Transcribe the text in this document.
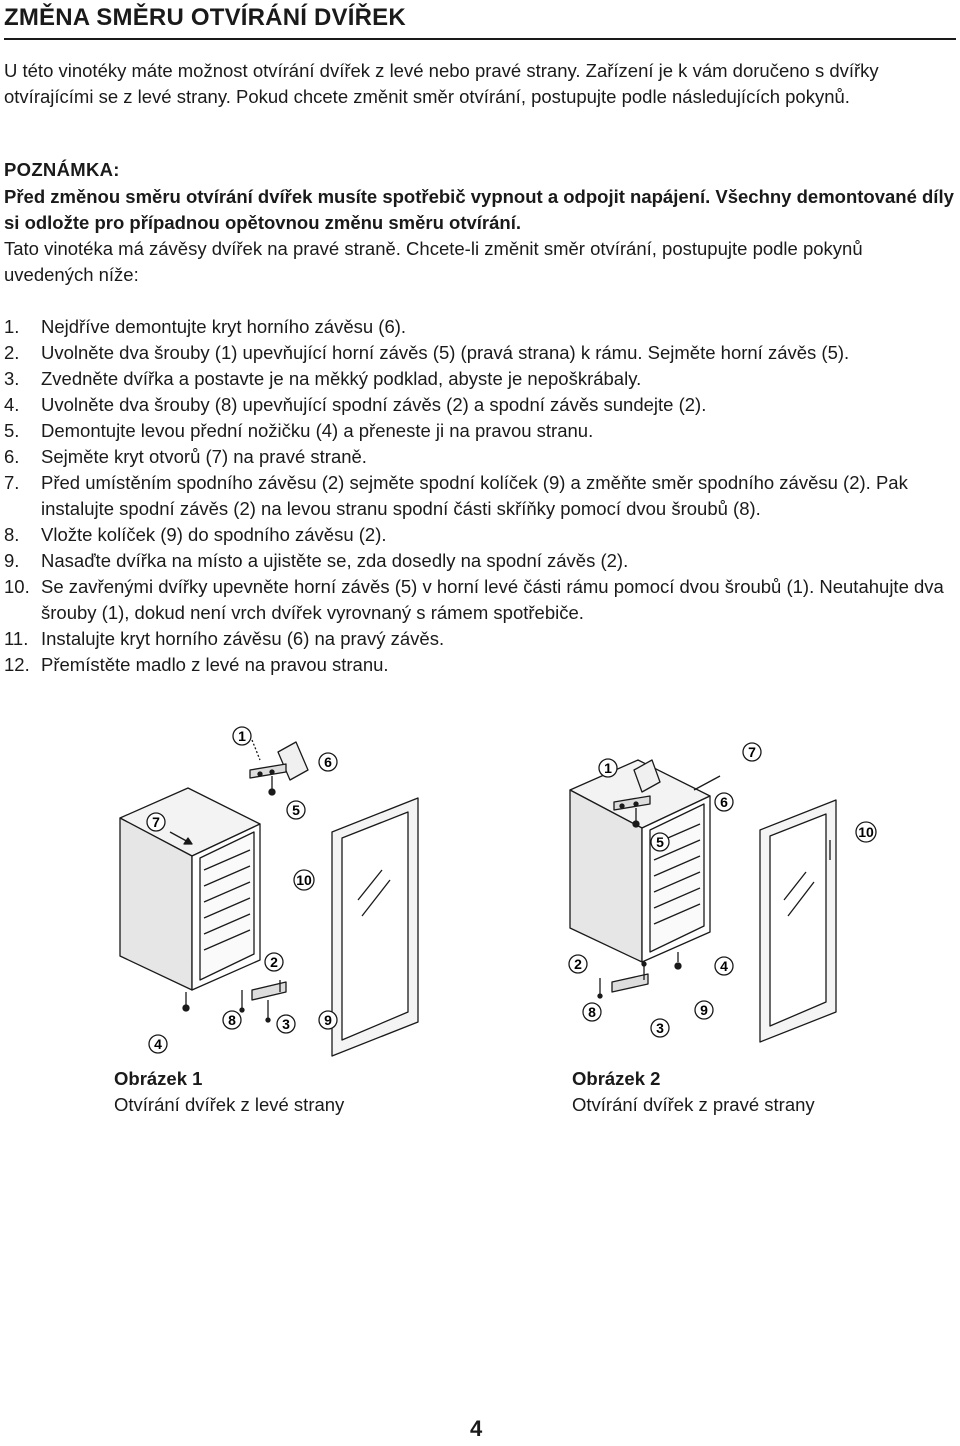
ZMĚNA SMĚRU OTVÍRÁNÍ DVÍŘEK

U této vinotéky máte možnost otvírání dvířek z levé nebo pravé strany. Zařízení je k vám doručeno s dvířky otvírajícími se z levé strany. Pokud chcete změnit směr otvírání, postupujte podle následujících pokynů.

POZNÁMKA:

Před změnou směru otvírání dvířek musíte spotřebič vypnout a odpojit napájení. Všechny demontované díly si odložte pro případnou opětovnou změnu směru otvírání.

Tato vinotéka má závěsy dvířek na pravé straně. Chcete-li změnit směr otvírání, postupujte podle pokynů uvedených níže:

1.	Nejdříve demontujte kryt horního závěsu (6).
2.	Uvolněte dva šrouby (1) upevňující horní závěs (5) (pravá strana) k rámu. Sejměte horní závěs (5).
3.	Zvedněte dvířka a postavte je na měkký podklad, abyste je nepoškrábaly.
4.	Uvolněte dva šrouby (8) upevňující spodní závěs (2) a spodní závěs sundejte (2).
5.	Demontujte levou přední nožičku (4) a přeneste ji na pravou stranu.
6.	Sejměte kryt otvorů (7) na pravé straně.
7.	Před umístěním spodního závěsu (2) sejměte spodní kolíček (9) a změňte směr spodního závěsu (2). Pak instalujte spodní závěs (2) na levou stranu spodní části skříňky pomocí dvou šroubů (8).
8.	Vložte kolíček (9) do spodního závěsu (2).
9.	Nasaďte dvířka na místo a ujistěte se, zda dosedly na spodní závěs (2).
10. Se zavřenými dvířky upevněte horní závěs (5) v horní levé části rámu pomocí dvou šroubů (1). Neutahujte dva šrouby (1), dokud není vrch dvířek vyrovnaný s rámem spotřebiče.
11. Instalujte kryt horního závěsu (6) na pravý závěs.
12. Přemístěte madlo z levé na pravou stranu.
1
6
5
7
10
2
4
8	3 9
1
7
6
5
10
2	4
8
3
9
Obrázek 1
Otvírání dvířek z levé strany
Obrázek 2
Otvírání dvířek z pravé strany
4
